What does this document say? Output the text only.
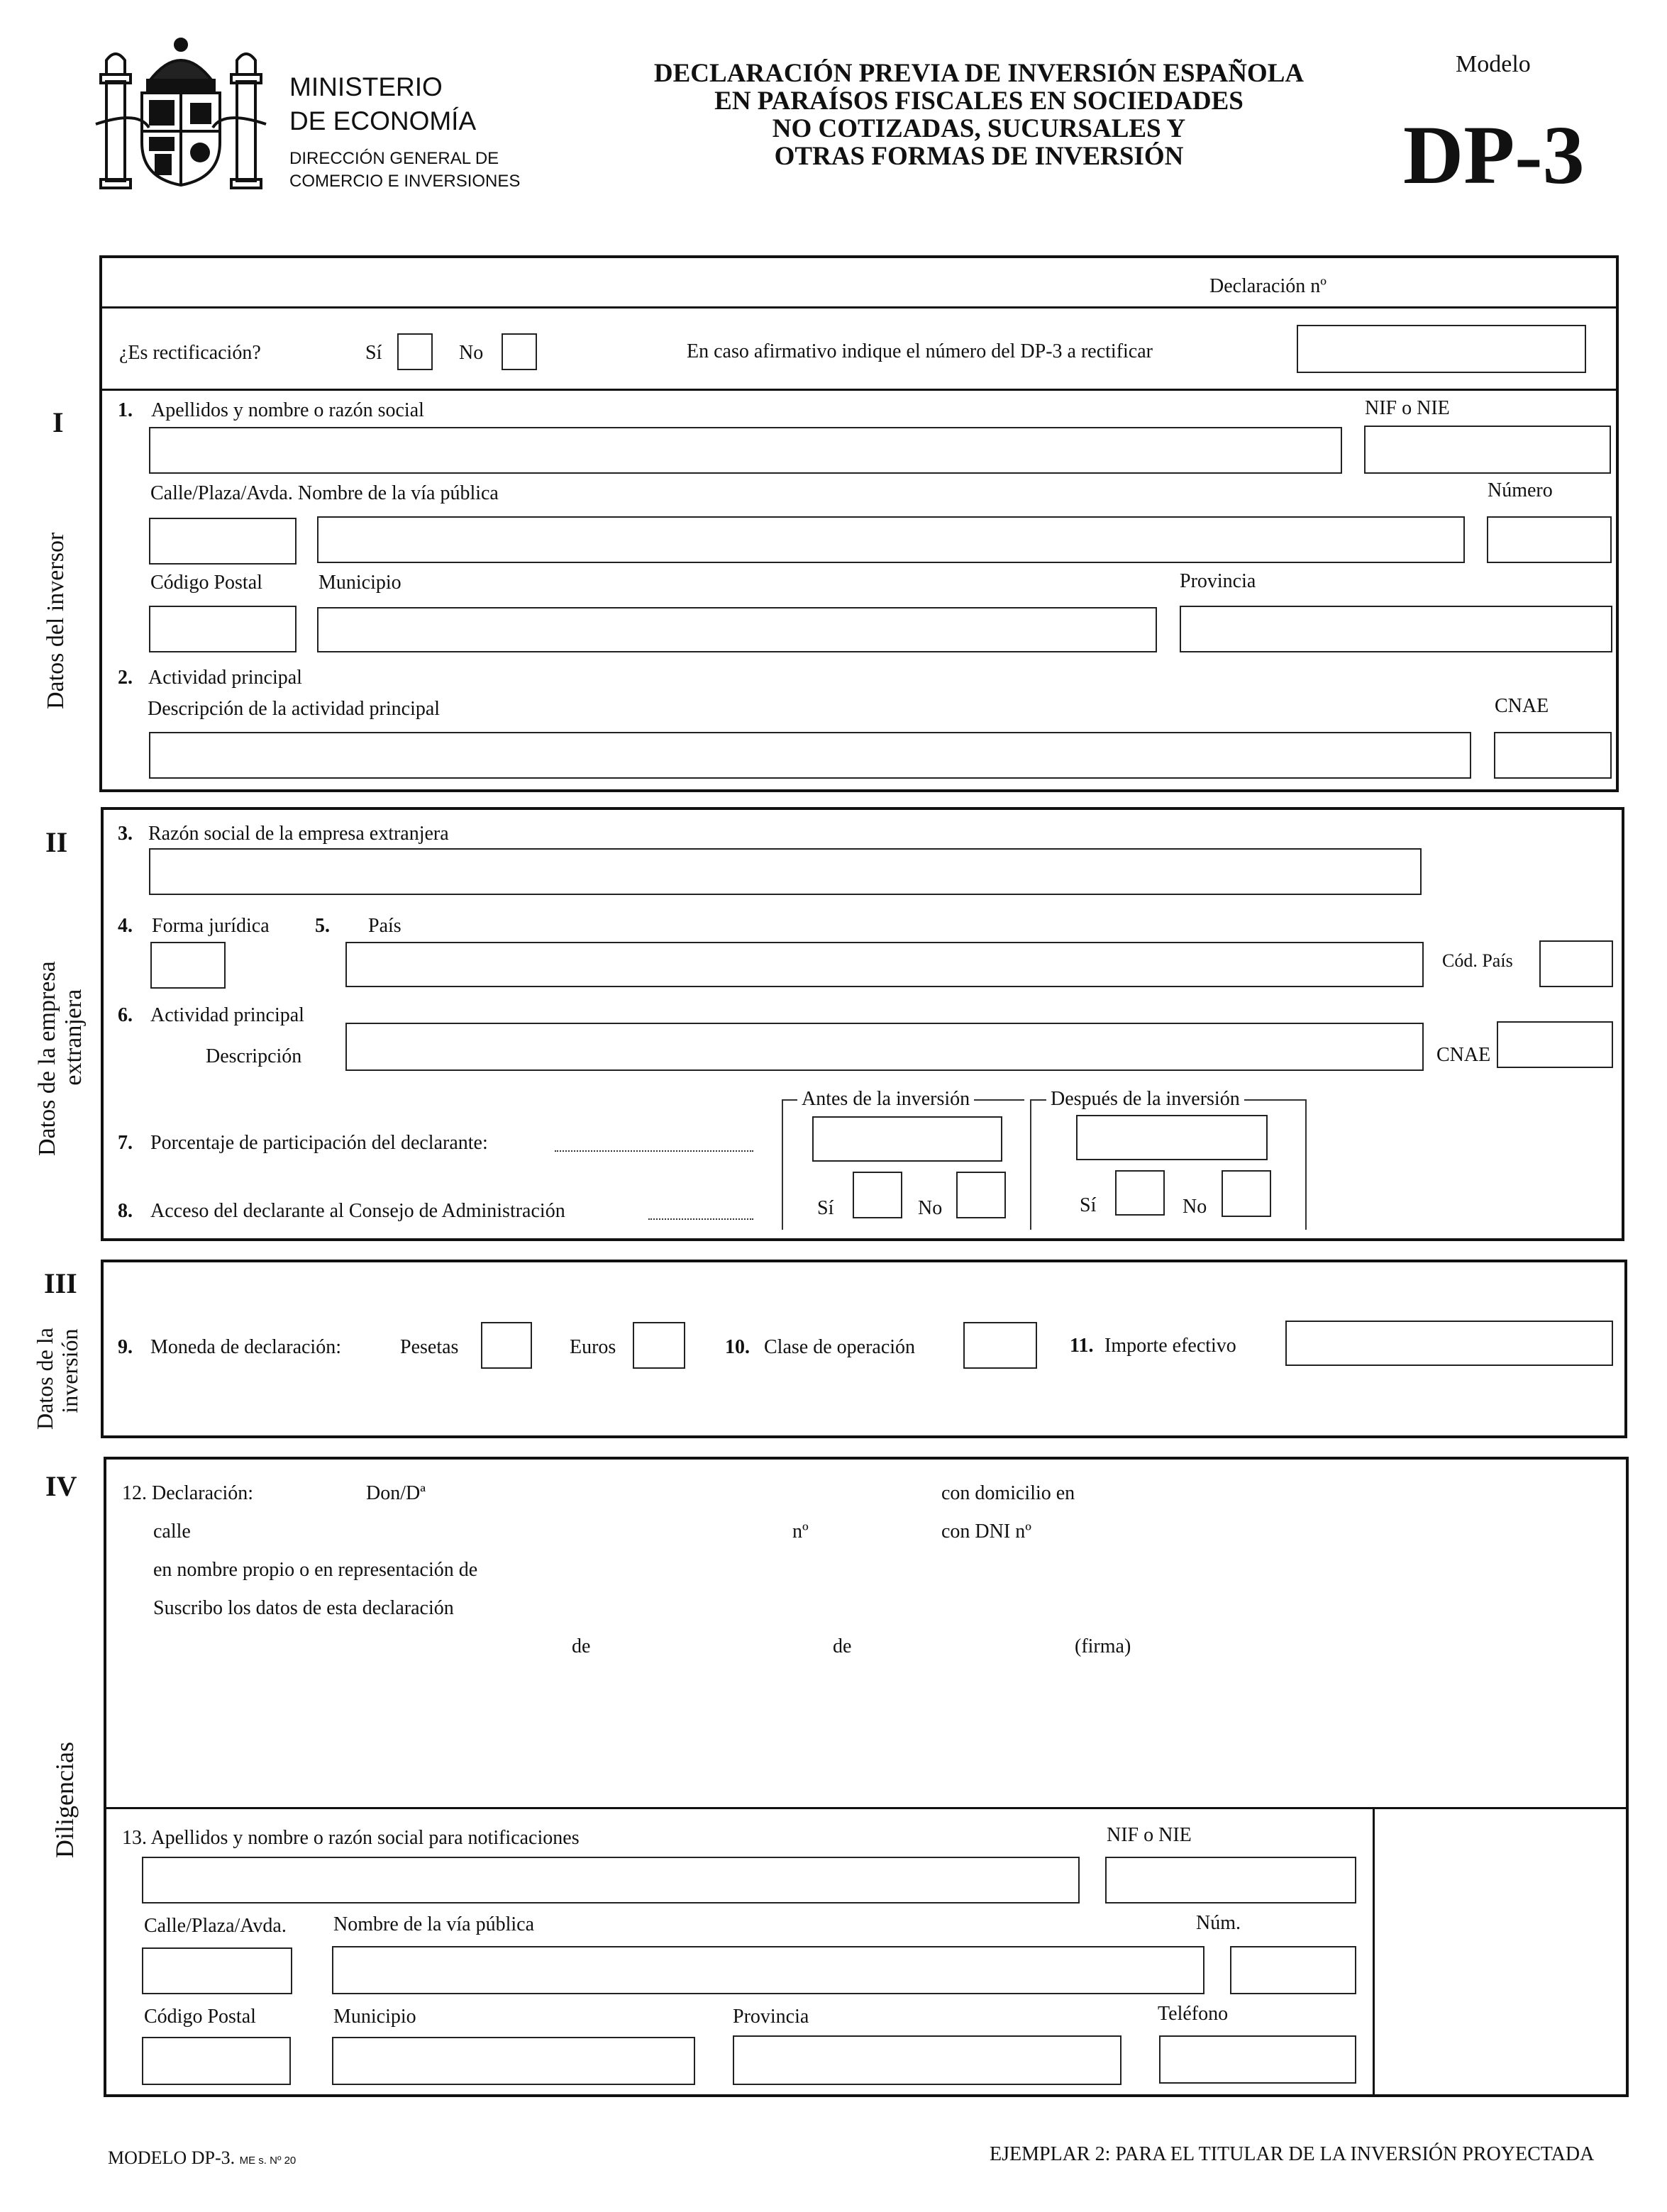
MINISTERIO
DE ECONOMÍA
DIRECCIÓN GENERAL DE
COMERCIO E INVERSIONES
DECLARACIÓN PREVIA DE INVERSIÓN ESPAÑOLA
EN PARAÍSOS FISCALES EN SOCIEDADES
NO COTIZADAS, SUCURSALES Y
OTRAS FORMAS DE INVERSIÓN
Modelo
DP-3
Declaración nº
¿Es rectificación?	Sí	No	En caso afirmativo indique el número del DP-3 a rectificar
I
Datos del inversor
1. Apellidos y nombre o razón social	NIF o NIE
Calle/Plaza/Avda. Nombre de la vía pública	Número
Código Postal	Municipio	Provincia
2. Actividad principal
Descripción de la actividad principal	CNAE
II
Datos de la empresa extranjera
3. Razón social de la empresa extranjera
4. Forma jurídica 5. País
Cód. País
6. Actividad principal
Descripción	CNAE
Antes de la inversión	Después de la inversión
7. Porcentaje de participación del declarante:
8. Acceso del declarante al Consejo de Administración	Sí	No	Sí	No
III
Datos de la inversión 9. Moneda de declaración:	Pesetas	Euros	10. Clase de operación	11. Importe efectivo
IV
Diligencias
12. Declaración:	Don/Dª	con domicilio en
calle	nº	con DNI nº
en nombre propio o en representación de
Suscribo los datos de esta declaración
de	de	(firma)
13. Apellidos y nombre o razón social para notificaciones	NIF o NIE
Calle/Plaza/Avda. Nombre de la vía pública	Núm.
Código Postal	Municipio	Provincia	Teléfono
MODELO DP-3. ME s. Nº 20	EJEMPLAR 2: PARA EL TITULAR DE LA INVERSIÓN PROYECTADA
